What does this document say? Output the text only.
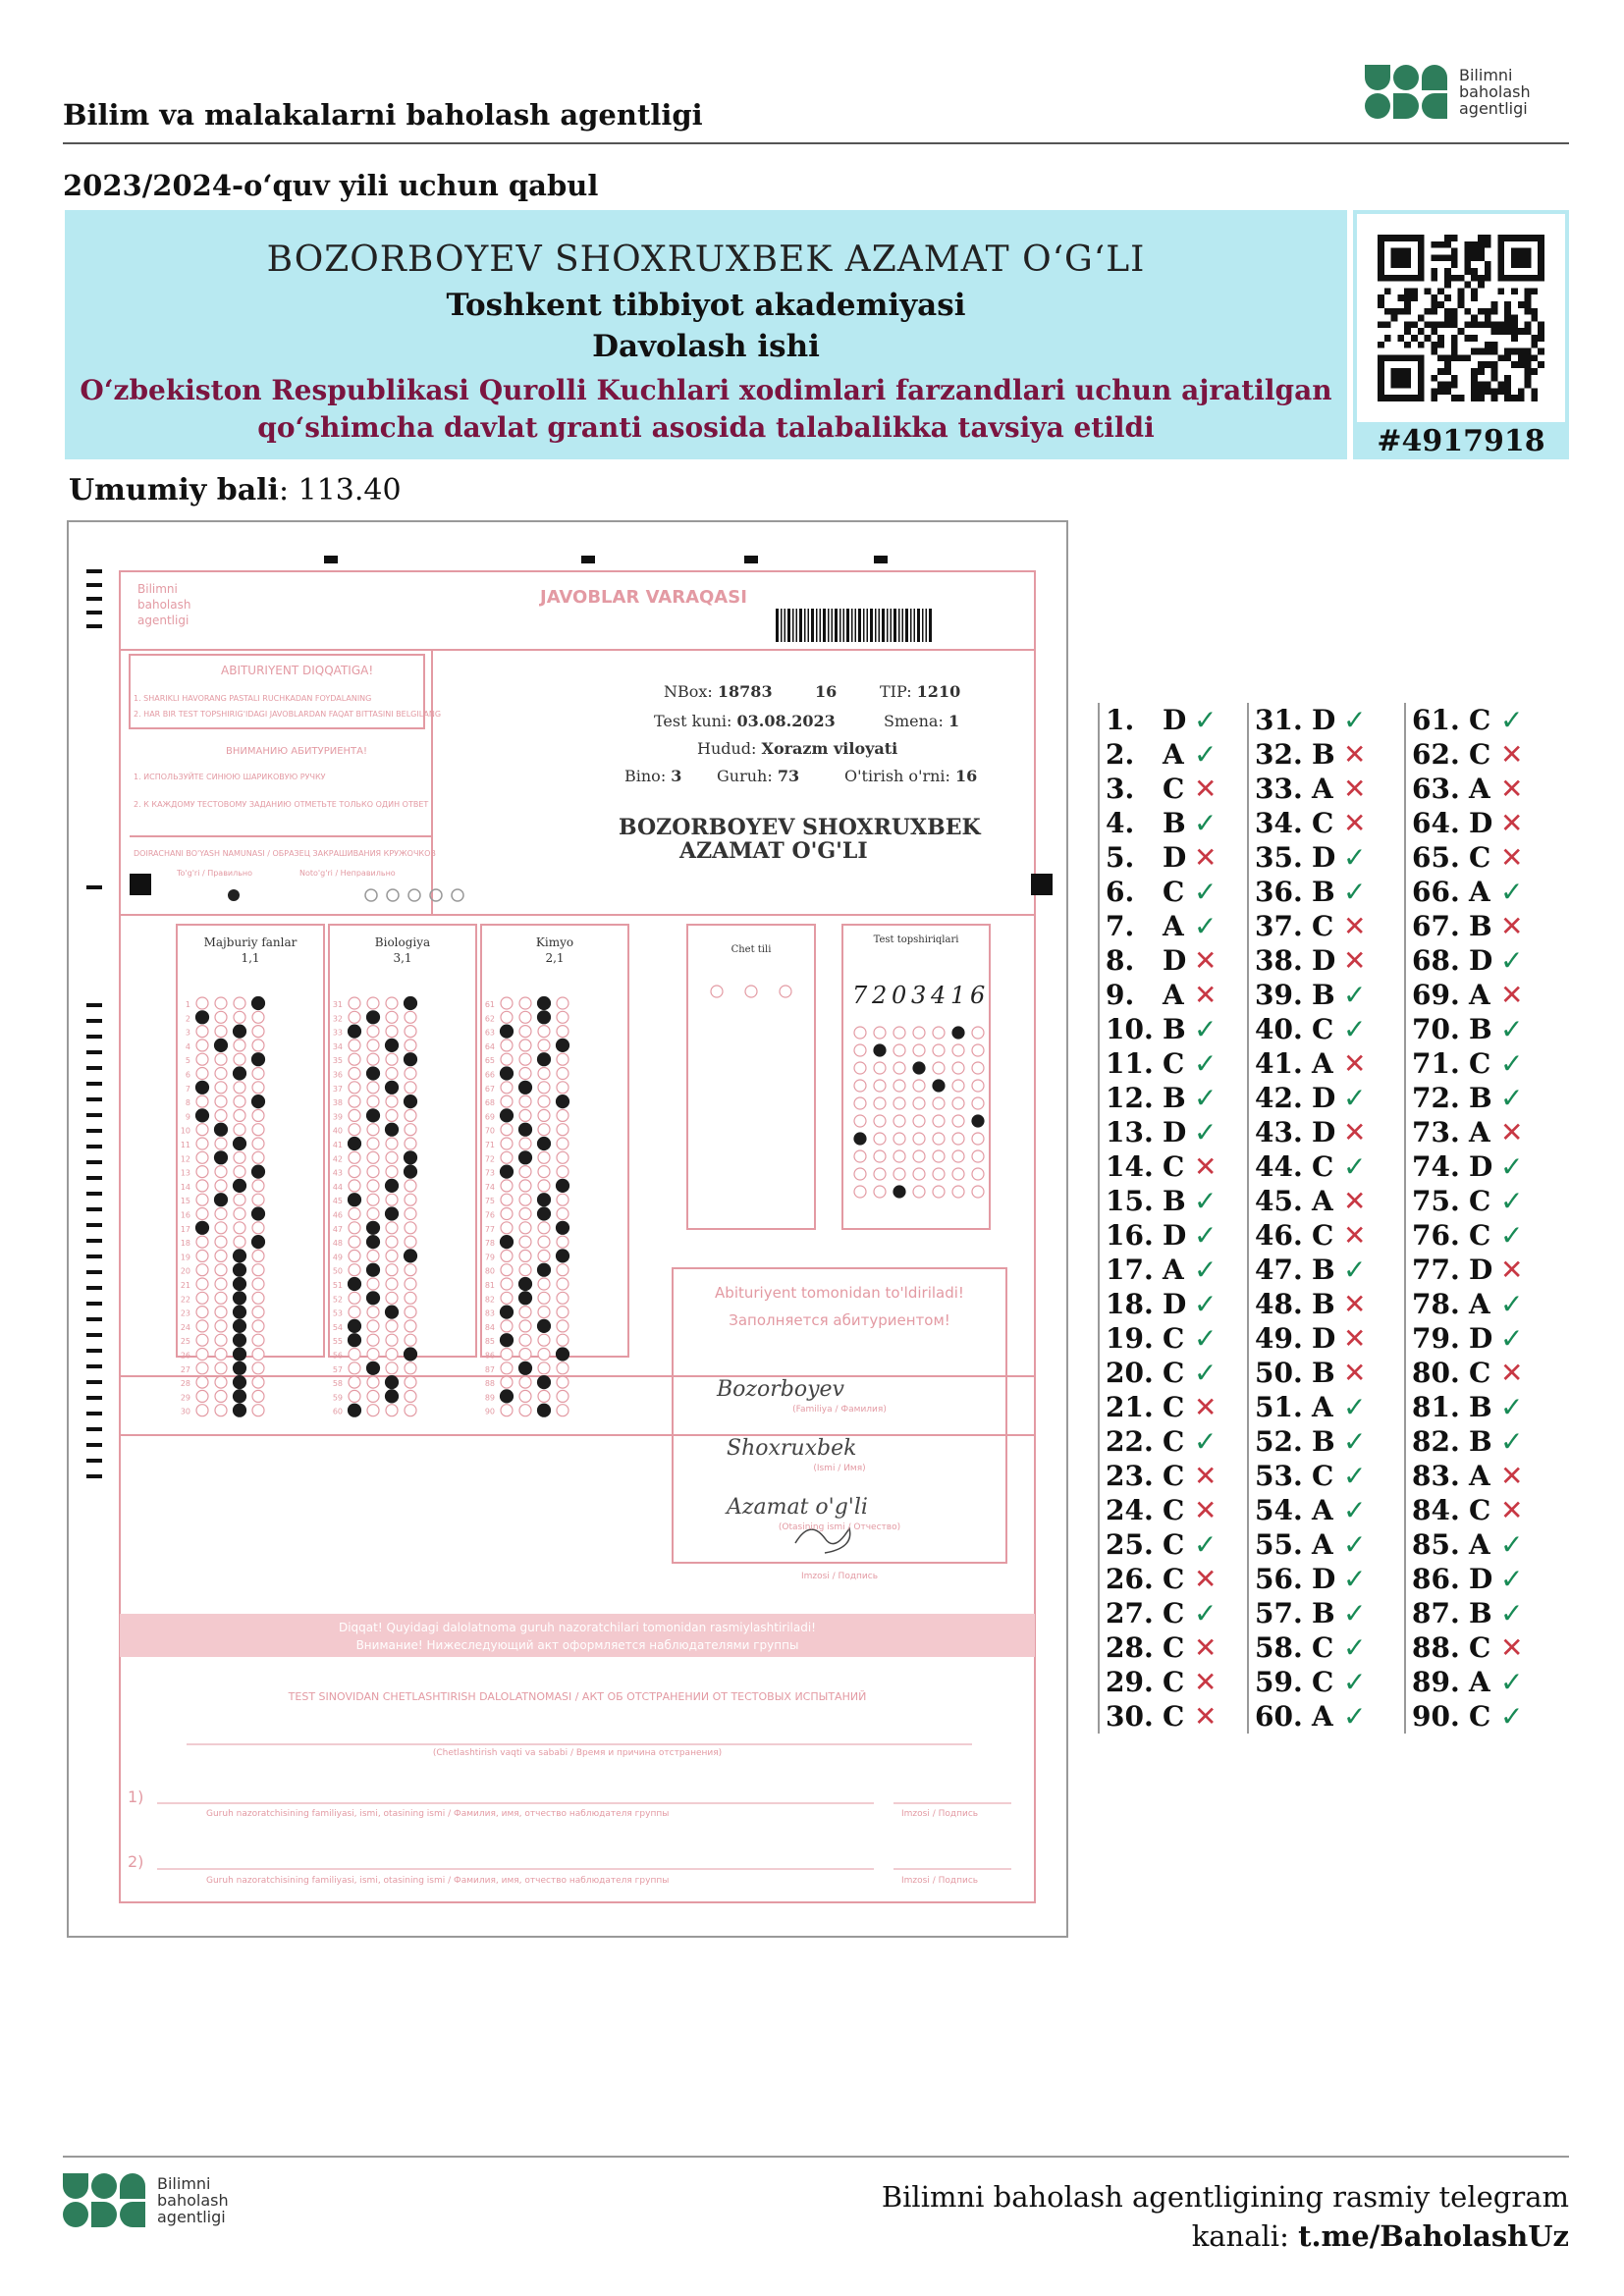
Bilim va malakalarni baholash agentligi
Bilimni
baholash
agentligi
2023/2024-o‘quv yili uchun qabul
BOZORBOYEV SHOXRUXBEK AZAMAT O‘G‘LI
Toshkent tibbiyot akademiyasi
Davolash ishi
O‘zbekiston Respublikasi Qurolli Kuchlari xodimlari farzandlari uchun ajratilgan
qo‘shimcha davlat granti asosida talabalikka tavsiya etildi	#4917918
Umumiy bali: 113.40
JAVOBLAR VARAQASI
Bilimni
baholash
agentligi
ABITURIYENT DIQQATIGA!
1. SHARIKLI HAVORANG PASTALI RUCHKADAN FOYDALANING
2. HAR BIR TEST TOPSHIRIG'IDAGI JAVOBLARDAN FAQAT BITTASINI BELGILANG
1. ИСПОЛЬЗУЙТЕ СИНЮЮ ШАРИКОВУЮ РУЧКУ
2. К КАЖДОМУ ТЕСТОВОМУ ЗАДАНИЮ ОТМЕТЬТЕ ТОЛЬКО ОДИН ОТВЕТ
DOIRACHANI BO'YASH NAMUNASI / ОБРАЗЕЦ ЗАКРАШИВАНИЯ КРУЖОЧКОВ
To'g'ri / Правильно	Noto'g'ri / Неправильно
ВНИМАНИЮ АБИТУРИЕНТА!
NBox: 18783	16	TIP: 1210
Test kuni: 03.08.2023	Smena: 1
Hudud: Xorazm viloyati
Bino: 3 Guruh: 73	O'tirish o'rni: 16
BOZORBOYEV SHOXRUXBEK
AZAMAT O'G'LI
Majburiy fanlar
1,1
Biologiya
3,1
Kimyo
2,1
Chet tili
Test topshiriqlari
1
2
3
4
5
6
7
8
9
10
11
12
13
14
15
16
17
18
19
20
21
22
23
24
25
26
27
28
29
30
31
32
33
34
35
36
37
38
39
40
41
42
43
44
45
46
47
48
49
50
51
52
53
54
55
56
57
58
59
60
61
62
63
64
65
66
67
68
69
70
71
72
73
74
75
76
77
78
79
80
81
82
83
84
85
86
87
88
89
90
7 2 0 3 4 1 6
Abituriyent tomonidan to'ldiriladi!
Заполняется абитуриентом!
Bozorboyev
Shoxruxbek
Azamat o'g'li
(Familiya / Фамилия)
(Ismi / Имя)
(Otasining ismi / Отчество)
Imzosi / Подпись
Diqqat! Quyidagi dalolatnoma guruh nazoratchilari tomonidan rasmiylashtiriladi!
Внимание! Нижеследующий акт оформляется наблюдателями группы
TEST SINOVIDAN CHETLASHTIRISH DALOLATNOMASI / АКТ ОБ ОТСТРАНЕНИИ ОТ ТЕСТОВЫХ ИСПЫТАНИЙ
(Chetlashtirish vaqti va sababi / Время и причина отстранения)
1)
2)
Guruh nazoratchisining familiyasi, ismi, otasining ismi / Фамилия, имя, отчество наблюдателя группы
Guruh nazoratchisining familiyasi, ismi, otasining ismi / Фамилия, имя, отчество наблюдателя группы
Imzosi / Подпись
Imzosi / Подпись
1. D ✓
2. A ✓
3. C ✕
4. B ✓
5. D ✕
6. C ✓
7. A ✓
8. D ✕
9. A ✕
10. B ✓
11. C ✓
12. B ✓
13. D ✓
14. C ✕
15. B ✓
16. D ✓
17. A ✓
18. D ✓
19. C ✓
20. C ✓
21. C ✕
22. C ✓
23. C ✕
24. C ✕
25. C ✓
26. C ✕
27. C ✓
28. C ✕
29. C ✕
30. C ✕
31. D ✓
32. B ✕
33. A ✕
34. C ✕
35. D ✓
36. B ✓
37. C ✕
38. D ✕
39. B ✓
40. C ✓
41. A ✕
42. D ✓
43. D ✕
44. C ✓
45. A ✕
46. C ✕
47. B ✓
48. B ✕
49. D ✕
50. B ✕
51. A ✓
52. B ✓
53. C ✓
54. A ✓
55. A ✓
56. D ✓
57. B ✓
58. C ✓
59. C ✓
60. A ✓
61. C ✓
62. C ✕
63. A ✕
64. D ✕
65. C ✕
66. A ✓
67. B ✕
68. D ✓
69. A ✕
70. B ✓
71. C ✓
72. B ✓
73. A ✕
74. D ✓
75. C ✓
76. C ✓
77. D ✕
78. A ✓
79. D ✓
80. C ✕
81. B ✓
82. B ✓
83. A ✕
84. C ✕
85. A ✓
86. D ✓
87. B ✓
88. C ✕
89. A ✓
90. C ✓
Bilimni
baholash
agentligi
Bilimni baholash agentligining rasmiy telegram
kanali: t.me/BaholashUz
